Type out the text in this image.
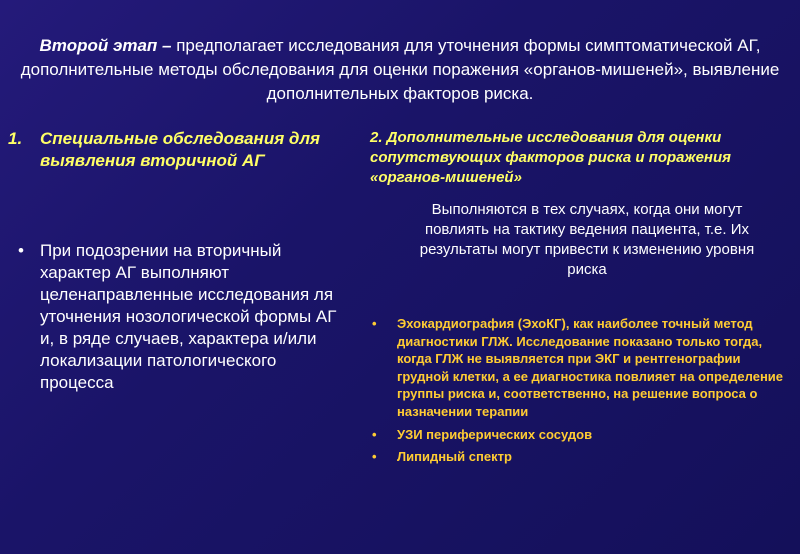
Второй этап – предполагает исследования для уточнения формы симптоматической АГ, дополнительные методы обследования для оценки поражения «органов-мишеней», выявление дополнительных факторов риска.
1. Специальные обследования для выявления вторичной АГ
• При подозрении на вторичный характер АГ выполняют целенаправленные исследования ля уточнения нозологической формы АГ и, в ряде случаев, характера и/или локализации патологического процесса
2. Дополнительные исследования для оценки сопутствующих факторов риска и поражения «органов-мишеней»
Выполняются в тех случаях, когда они могут повлиять на тактику ведения пациента, т.е. Их результаты могут привести к изменению уровня риска
• Эхокардиография (ЭхоКГ), как наиболее точный метод диагностики ГЛЖ. Исследование показано только тогда, когда ГЛЖ не выявляется при ЭКГ и рентгенографии грудной клетки, а ее диагностика повлияет на определение группы риска и, соответственно, на решение вопроса о назначении терапии
• УЗИ периферических сосудов
• Липидный спектр
